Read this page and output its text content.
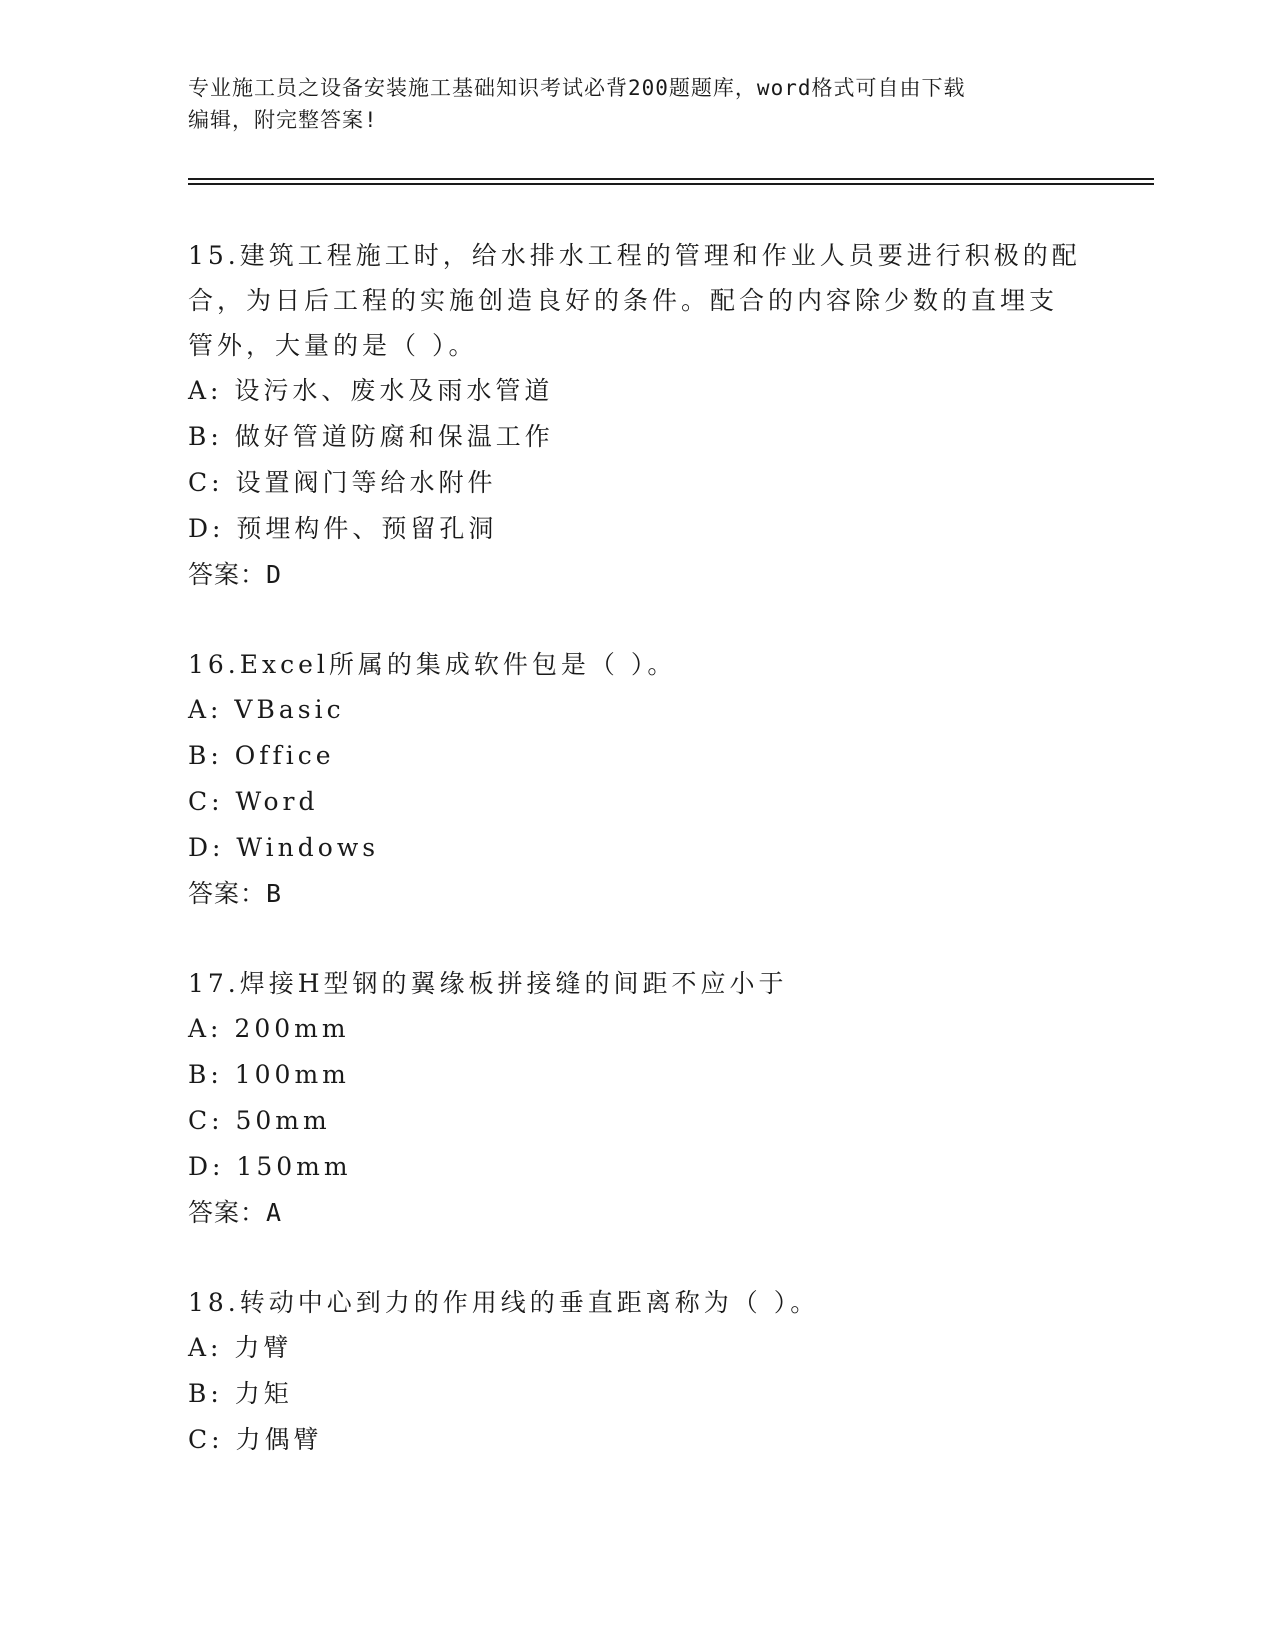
专业施工员之设备安装施工基础知识考试必背200题题库，word格式可自由下载
编辑，附完整答案!
15.建筑工程施工时，给水排水工程的管理和作业人员要进行积极的配
合，为日后工程的实施创造良好的条件。配合的内容除少数的直埋支
管外，大量的是（ ）。
A: 设污水、废水及雨水管道
B: 做好管道防腐和保温工作
C: 设置阀门等给水附件
D: 预埋构件、预留孔洞
答案：D
16.Excel所属的集成软件包是（ ）。
A: VBasic
B: Office
C: Word
D: Windows
答案：B
17.焊接H型钢的翼缘板拼接缝的间距不应小于
A: 200mm
B: 100mm
C: 50mm
D: 150mm
答案：A
18.转动中心到力的作用线的垂直距离称为（ ）。
A: 力臂
B: 力矩
C: 力偶臂
